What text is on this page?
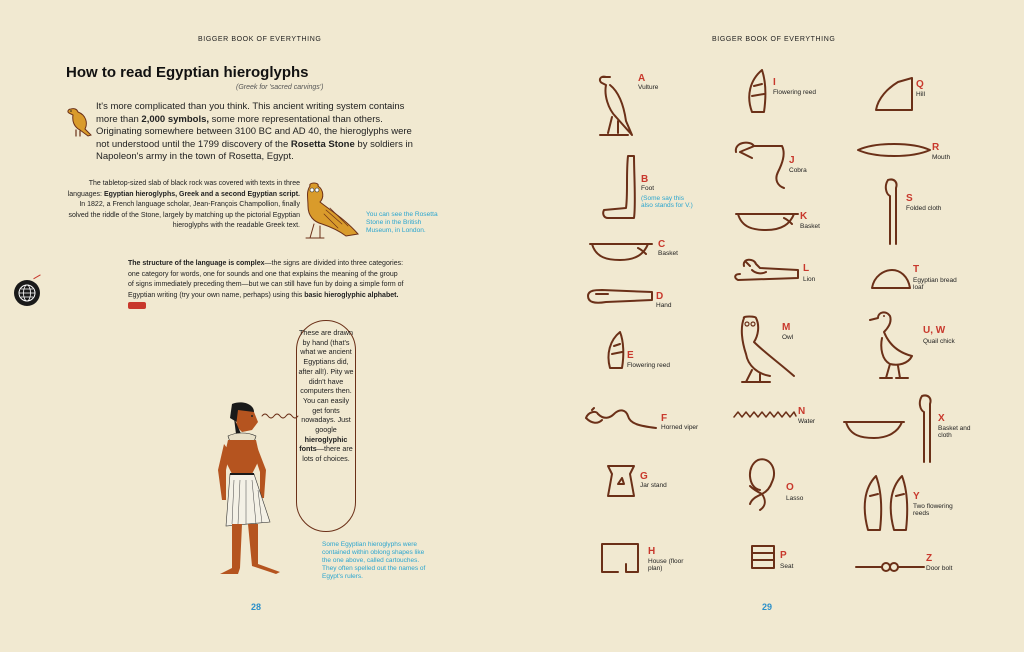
BIGGER BOOK OF EVERYTHING
How to read Egyptian hieroglyphs
(Greek for 'sacred carvings')
It's more complicated than you think. This ancient writing system contains more than 2,000 symbols, some more representational than others. Originating somewhere between 3100 BC and AD 40, the hieroglyphs were not understood until the 1799 discovery of the Rosetta Stone by soldiers in Napoleon's army in the town of Rosetta, Egypt.
The tabletop-sized slab of black rock was covered with texts in three languages: Egyptian hieroglyphs, Greek and a second Egyptian script. In 1822, a French language scholar, Jean-François Champollion, finally solved the riddle of the Stone, largely by matching up the pictorial Egyptian hieroglyphs with the readable Greek text.
You can see the Rosetta Stone in the British Museum, in London.
The structure of the language is complex—the signs are divided into three categories: one category for words, one for sounds and one that explains the meaning of the group of signs immediately preceding them—but we can still have fun by doing a simple form of Egyptian writing (try your own name, perhaps) using this basic hieroglyphic alphabet.
These are drawn by hand (that's what we ancient Egyptians did, after all!). Pity we didn't have computers then. You can easily get fonts nowadays. Just google hieroglyphic fonts—there are lots of choices.
Some Egyptian hieroglyphs were contained within oblong shapes like the one above, called cartouches. They often spelled out the names of Egypt's rulers.
28
BIGGER BOOK OF EVERYTHING
A
Vulture
B
Foot
(Some say this also stands for V.)
C
Basket
D
Hand
E
Flowering reed
F
Horned viper
G
Jar stand
H
House (floor plan)
I
Flowering reed
J
Cobra
K
Basket
L
Lion
M
Owl
N
Water
O
Lasso
P
Seat
Q
Hill
R
Mouth
S
Folded cloth
T
Egyptian bread loaf
U, W
Quail chick
X
Basket and cloth
Y
Two flowering reeds
Z
Door bolt
29
